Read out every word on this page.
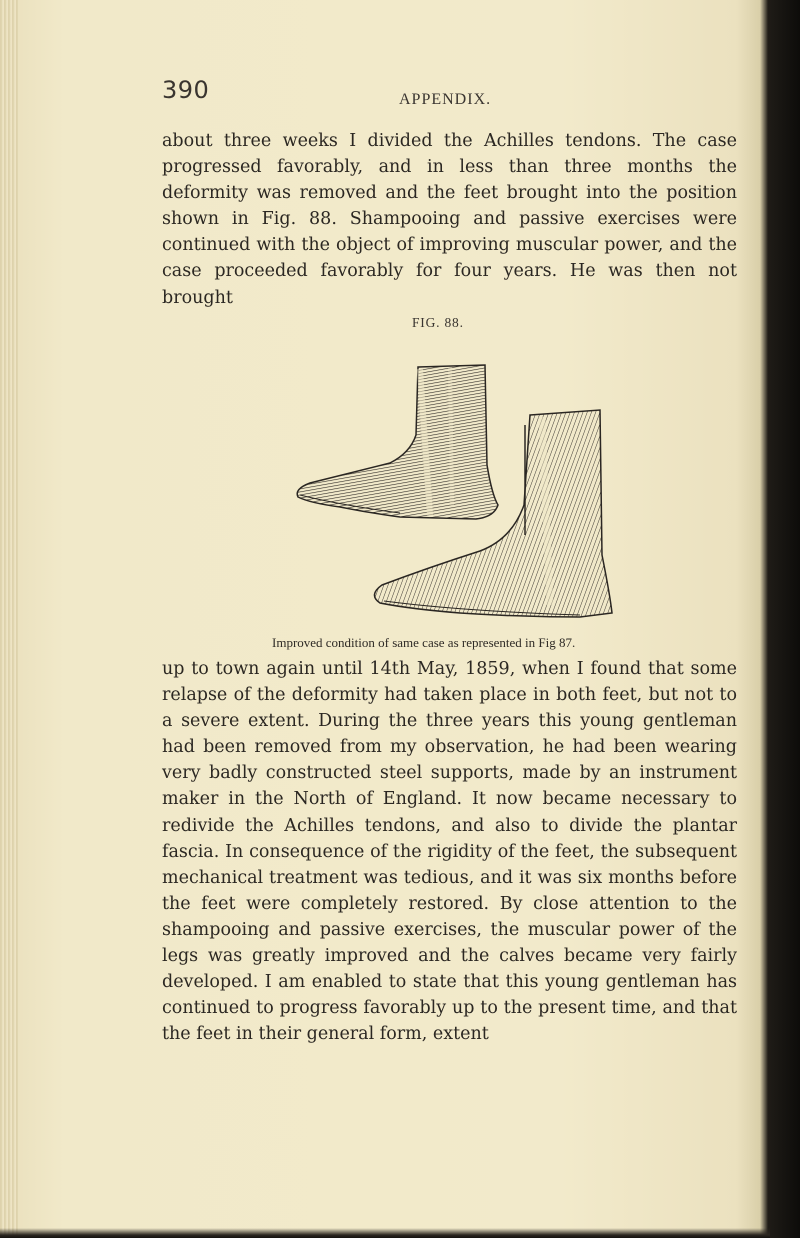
390	APPENDIX.
about three weeks I divided the Achilles tendons. The case progressed favorably, and in less than three months the deformity was removed and the feet brought into the position shown in Fig. 88. Shampooing and passive exercises were continued with the object of improving muscular power, and the case proceeded favorably for four years. He was then not brought
FIG. 88.
Improved condition of same case as represented in Fig 87.
up to town again until 14th May, 1859, when I found that some relapse of the deformity had taken place in both feet, but not to a severe extent. During the three years this young gentleman had been removed from my observation, he had been wearing very badly constructed steel supports, made by an instrument maker in the North of England. It now became necessary to redivide the Achilles tendons, and also to divide the plantar fascia. In consequence of the rigidity of the feet, the subsequent mechanical treatment was tedious, and it was six months before the feet were completely restored. By close attention to the shampooing and passive exercises, the muscular power of the legs was greatly improved and the calves became very fairly developed. I am enabled to state that this young gentleman has continued to progress favorably up to the present time, and that the feet in their general form, extent
